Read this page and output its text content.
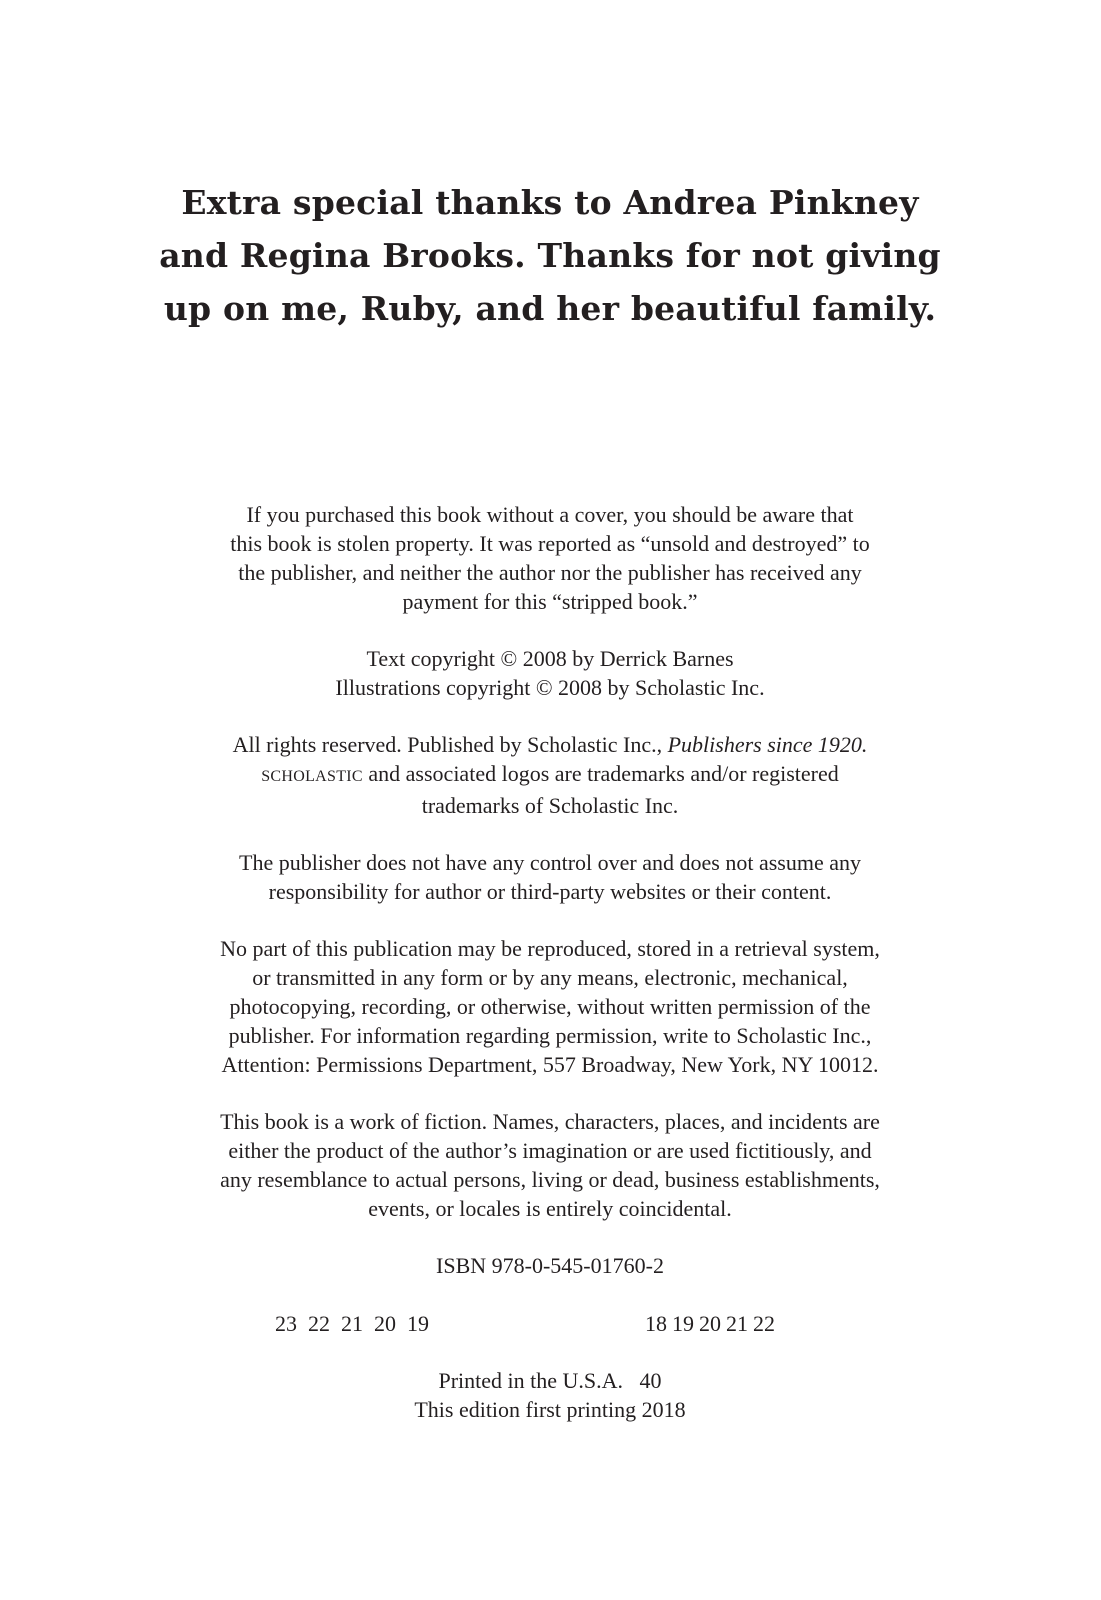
Extra special thanks to Andrea Pinkney
and Regina Brooks. Thanks for not giving
up on me, Ruby, and her beautiful family.

If you purchased this book without a cover, you should be aware that
this book is stolen property. It was reported as “unsold and destroyed” to
the publisher, and neither the author nor the publisher has received any
payment for this “stripped book.”

Text copyright © 2008 by Derrick Barnes
Illustrations copyright © 2008 by Scholastic Inc.

All rights reserved. Published by Scholastic Inc., Publishers since 1920.
SCHOLASTIC and associated logos are trademarks and/or registered
trademarks of Scholastic Inc.

The publisher does not have any control over and does not assume any
responsibility for author or third-party websites or their content.

No part of this publication may be reproduced, stored in a retrieval system,
or transmitted in any form or by any means, electronic, mechanical,
photocopying, recording, or otherwise, without written permission of the
publisher. For information regarding permission, write to Scholastic Inc.,
Attention: Permissions Department, 557 Broadway, New York, NY 10012.

This book is a work of fiction. Names, characters, places, and incidents are
either the product of the author’s imagination or are used fictitiously, and
any resemblance to actual persons, living or dead, business establishments,
events, or locales is entirely coincidental.

ISBN 978-0-545-01760-2

23 22 21 20 19	18 19 20 21 22

Printed in the U.S.A.   40
This edition first printing 2018
